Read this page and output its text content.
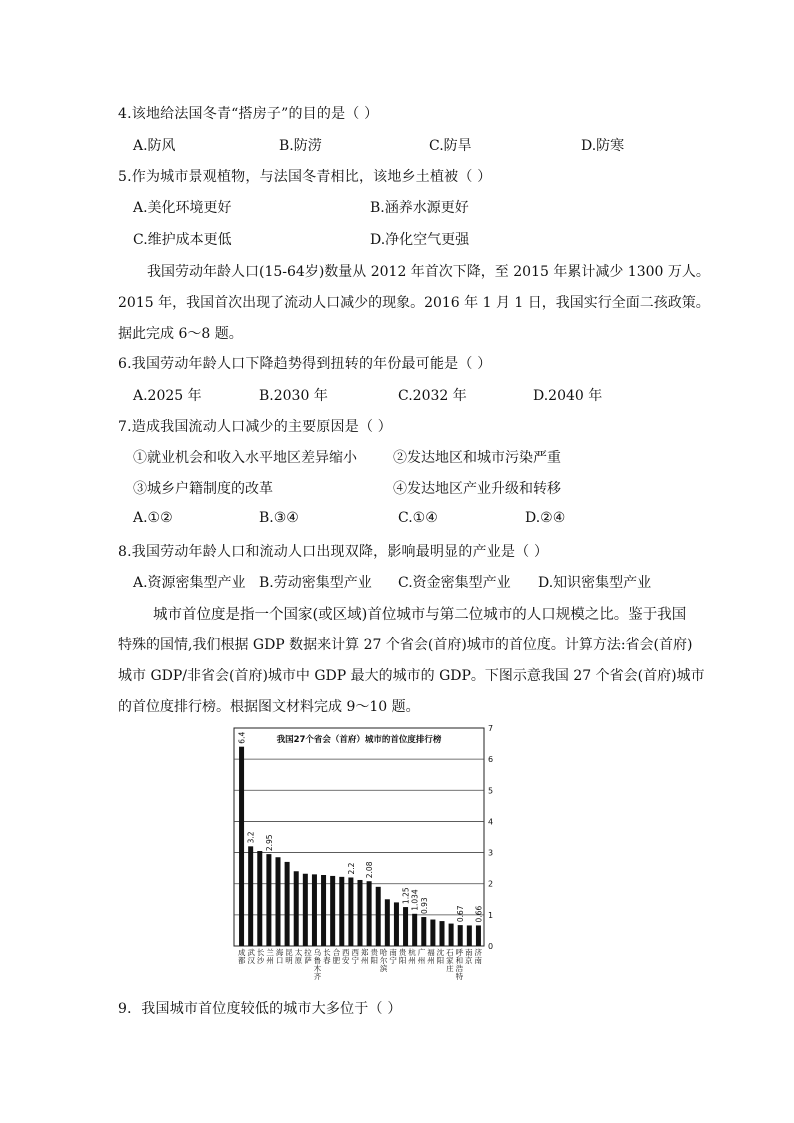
4.该地给法国冬青“搭房子”的目的是（ ）
A.防风	B.防涝	C.防旱	D.防寒
5.作为城市景观植物，与法国冬青相比，该地乡土植被（ ）
A.美化环境更好	B.涵养水源更好
C.维护成本更低	D.净化空气更强
我国劳动年龄人口(15-64岁)数量从 2012 年首次下降，至 2015 年累计减少 1300 万人。
2015 年，我国首次出现了流动人口减少的现象。2016 年 1 月 1 日，我国实行全面二孩政策。
据此完成 6～8 题。
6.我国劳动年龄人口下降趋势得到扭转的年份最可能是（ ）
A.2025 年	B.2030 年	C.2032 年	D.2040 年
7.造成我国流动人口减少的主要原因是（ ）
①就业机会和收入水平地区差异缩小	②发达地区和城市污染严重
③城乡户籍制度的改革	④发达地区产业升级和转移
A.①②	B.③④	C.①④	D.②④
8.我国劳动年龄人口和流动人口出现双降，影响最明显的产业是（ ）
A.资源密集型产业 B.劳动密集型产业 C.资金密集型产业 D.知识密集型产业
城市首位度是指一个国家(或区域)首位城市与第二位城市的人口规模之比。鉴于我国
特殊的国情,我们根据 GDP 数据来计算 27 个省会(首府)城市的首位度。计算方法:省会(首府)
城市 GDP/非省会(首府)城市中 GDP 最大的城市的 GDP。下图示意我国 27 个省会(首府)城市
的首位度排行榜。根据图文材料完成 9～10 题。
0
1
2
3
4
5
6
7
6.4
3.2 2.95
2.2 2.08
1.25 1.034 0.93	0.67 0.66
我国27个省会（首府）城市的首位度排行榜
成都
武汉
长沙
兰州
海口
昆明
太原
拉萨
乌鲁木齐
长春
合肥
西安
西宁
郑州
贵阳
哈尔滨
南宁
贵阳
杭州
广州
福州
沈阳
石家庄
呼和浩特
南京
济南
9．我国城市首位度较低的城市大多位于（ ）
